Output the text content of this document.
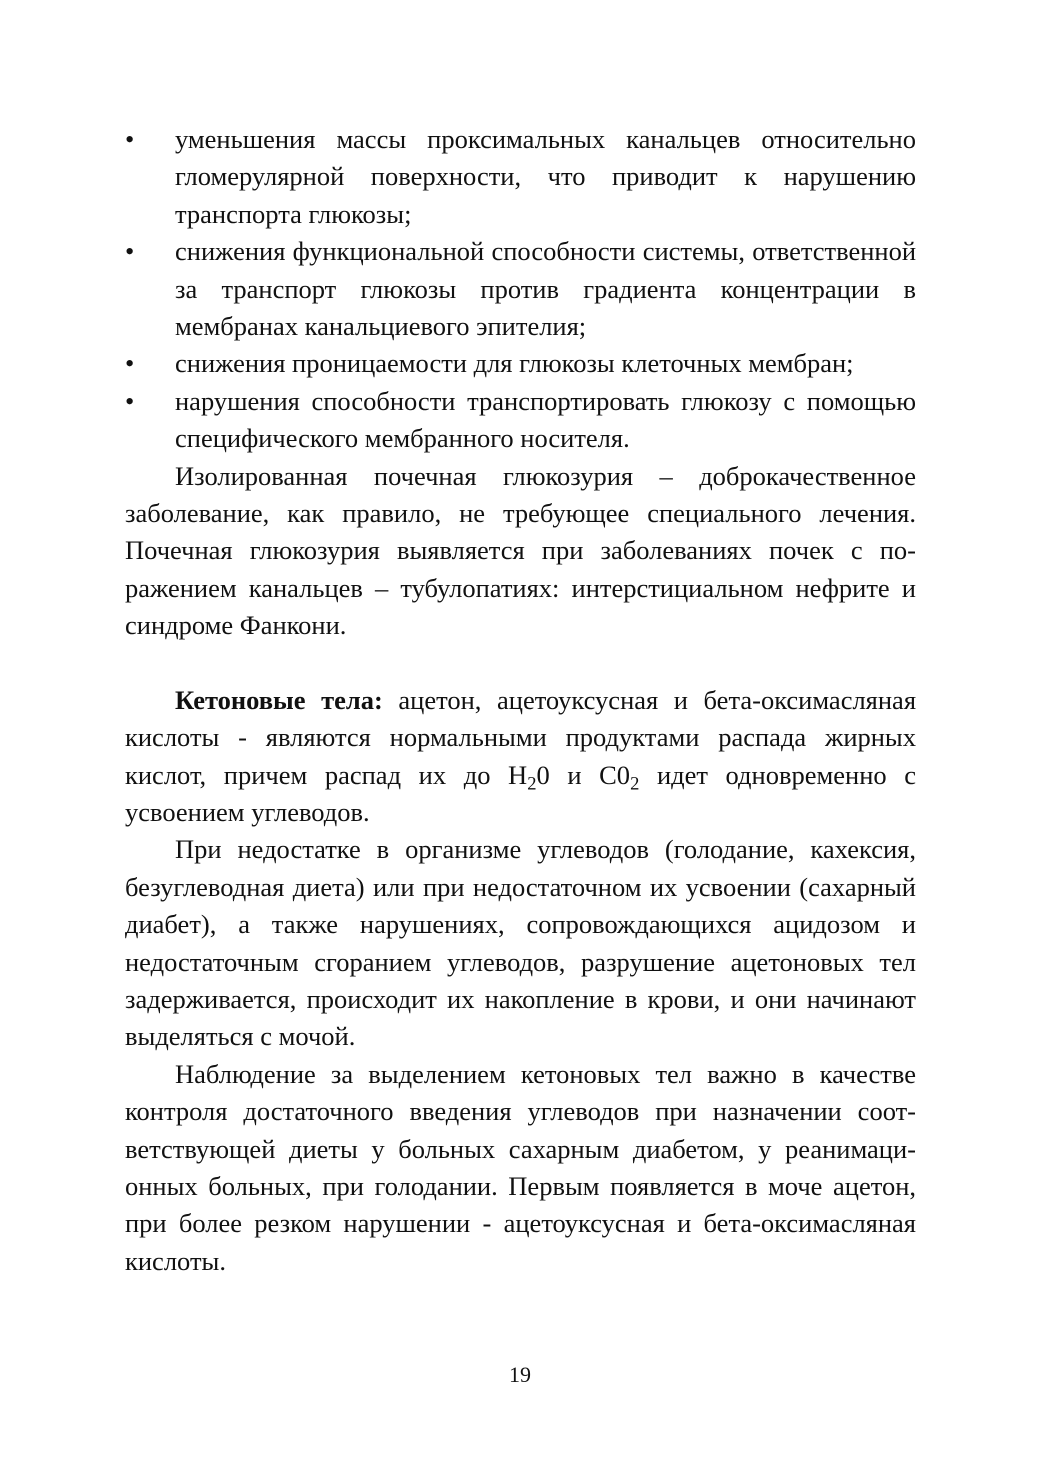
• уменьшения массы проксимальных канальцев относительно гломерулярной поверхности, что приводит к нарушению транспорта глюкозы;
• снижения функциональной способности системы, ответственной за транспорт глюкозы против градиента концентрации в мембранах канальциевого эпителия;
• снижения проницаемости для глюкозы клеточных мембран;
• нарушения способности транспортировать глюкозу с помощью специфического мембранного носителя.

Изолированная почечная глюкозурия – доброкачественное заболевание, как правило, не требующее специального лечения. Почечная глюкозурия выявляется при заболеваниях почек с поражением канальцев – тубулопатиях: интерстициальном нефрите и синдроме Фанкони.

Кетоновые тела: ацетон, ацетоуксусная и бета-оксимасляная кислоты - являются нормальными продуктами распада жирных кислот, причем распад их до $Н_20$ и $С0_2$ идет одновременно с усвоением углеводов.

При недостатке в организме углеводов (голодание, кахексия, безуглеводная диета) или при недостаточном их усвоении (сахарный диабет), а также нарушениях, сопровождающихся ацидозом и недостаточным сгоранием углеводов, разрушение ацетоновых тел задерживается, происходит их накопление в крови, и они начинают выделяться с мочой.

Наблюдение за выделением кетоновых тел важно в качестве контроля достаточного введения углеводов при назначении соответствующей диеты у больных сахарным диабетом, у реанимационных больных, при голодании. Первым появляется в моче ацетон, при более резком нарушении - ацетоуксусная и бета-оксимасляная кислоты.

19
